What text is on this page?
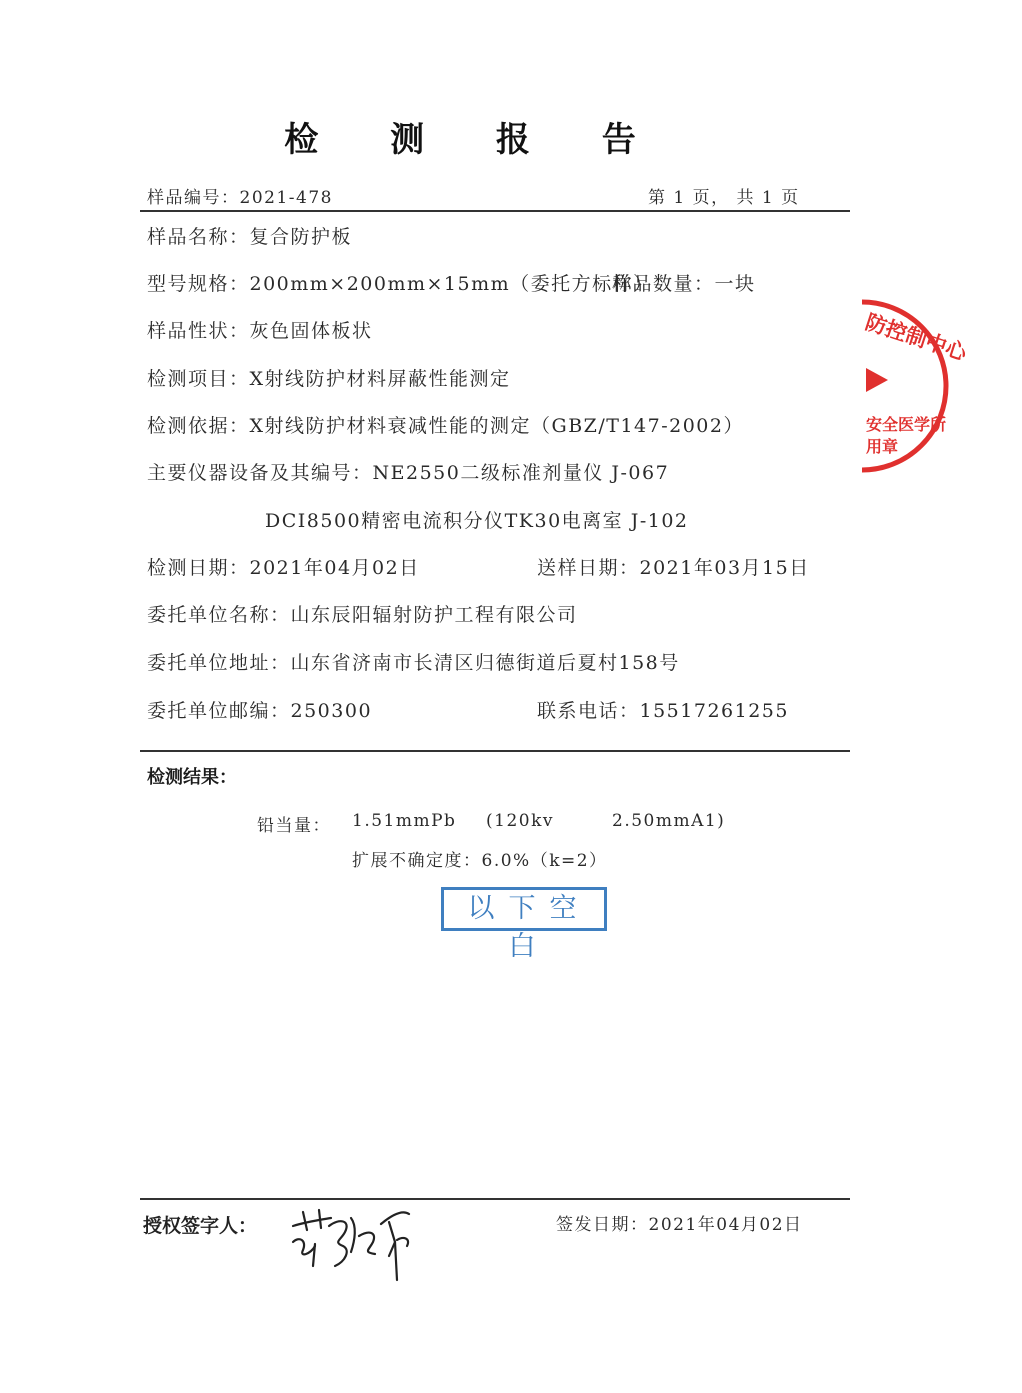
检 测 报 告
样品编号：2021-478	第 1 页， 共 1 页
样品名称：复合防护板
型号规格：200mm×200mm×15mm（委托方标称）
样品数量：一块
样品性状：灰色固体板状
检测项目：X射线防护材料屏蔽性能测定
检测依据：X射线防护材料衰减性能的测定（GBZ/T147-2002）
主要仪器设备及其编号：NE2550二级标准剂量仪 J-067
DCI8500精密电流积分仪TK30电离室 J-102
检测日期：2021年04月02日	送样日期：2021年03月15日
委托单位名称：山东辰阳辐射防护工程有限公司
委托单位地址：山东省济南市长清区归德街道后夏村158号
委托单位邮编：250300	联系电话：15517261255
检测结果：
铅当量： 1.51mmPb (120kv	2.50mmA1)
扩展不确定度：6.0%（k=2）
以下空白
防控制中心
安全医学所
用章
授权签字人：	签发日期：2021年04月02日
